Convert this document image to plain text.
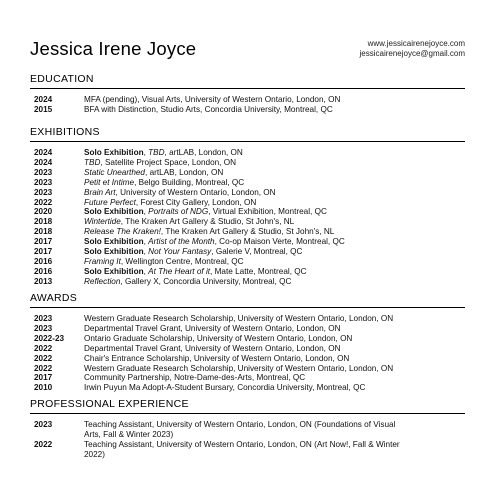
Jessica Irene Joyce	www.jessicairenejoyce.com
jessicairenejoyce@gmail.com
EDUCATION
2024	MFA (pending), Visual Arts, University of Western Ontario, London, ON
2015	BFA with Distinction, Studio Arts, Concordia University, Montreal, QC
EXHIBITIONS
2024	Solo Exhibition, TBD, artLAB, London, ON
2024	TBD, Satellite Project Space, London, ON
2023	Static Unearthed, artLAB, London, ON
2023	Petit et Intime, Belgo Building, Montreal, QC
2023	Brain Art, University of Western Ontario, London, ON
2022	Future Perfect, Forest City Gallery, London, ON
2020	Solo Exhibition, Portraits of NDG, Virtual Exhibition, Montreal, QC
2018	Wintertide, The Kraken Art Gallery & Studio, St John's, NL
2018	Release The Kraken!, The Kraken Art Gallery & Studio, St John's, NL
2017	Solo Exhibition, Artist of the Month, Co-op Maison Verte, Montreal, QC
2017	Solo Exhibition, Not Your Fantasy, Galerie V, Montreal, QC
2016	Framing It, Wellington Centre, Montreal, QC
2016	Solo Exhibition, At The Heart of it, Mate Latte, Montreal, QC
2013	Reflection, Gallery X, Concordia University, Montreal, QC
AWARDS
2023	Western Graduate Research Scholarship, University of Western Ontario, London, ON
2023	Departmental Travel Grant, University of Western Ontario, London, ON
2022-23	Ontario Graduate Scholarship, University of Western Ontario, London, ON
2022	Departmental Travel Grant, University of Western Ontario, London, ON
2022	Chair's Entrance Scholarship, University of Western Ontario, London, ON
2022	Western Graduate Research Scholarship, University of Western Ontario, London, ON
2017	Community Partnership, Notre-Dame-des-Arts, Montreal, QC
2010	Irwin Puyun Ma Adopt-A-Student Bursary, Concordia University, Montreal, QC
PROFESSIONAL EXPERIENCE
2023	Teaching Assistant, University of Western Ontario, London, ON (Foundations of Visual
Arts, Fall & Winter 2023)
2022	Teaching Assistant, University of Western Ontario, London, ON (Art Now!, Fall & Winter
2022)
